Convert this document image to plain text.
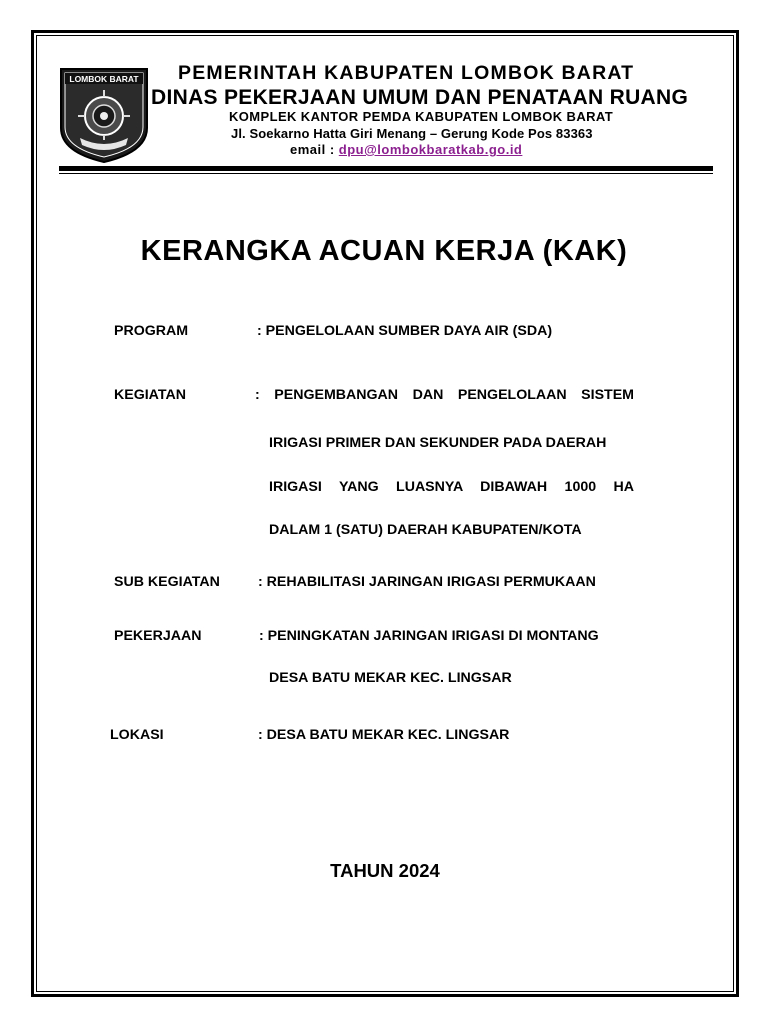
LOMBOK BARAT PEMERINTAH KABUPATEN LOMBOK BARAT
DINAS PEKERJAAN UMUM DAN PENATAAN RUANG
KOMPLEK KANTOR PEMDA KABUPATEN LOMBOK BARAT
Jl. Soekarno Hatta Giri Menang – Gerung Kode Pos 83363
email : dpu@lombokbaratkab.go.id
KERANGKA ACUAN KERJA (KAK)
PROGRAM	: PENGELOLAAN SUMBER DAYA AIR (SDA)
KEGIATAN	: PENGEMBANGAN DAN PENGELOLAAN SISTEM
IRIGASI PRIMER DAN SEKUNDER PADA DAERAH
IRIGASI YANG LUASNYA DIBAWAH 1000 HA
DALAM 1 (SATU) DAERAH KABUPATEN/KOTA
SUB KEGIATAN	: REHABILITASI JARINGAN IRIGASI PERMUKAAN
PEKERJAAN	: PENINGKATAN JARINGAN IRIGASI DI MONTANG
DESA BATU MEKAR KEC. LINGSAR
LOKASI	: DESA BATU MEKAR KEC. LINGSAR
TAHUN 2024
